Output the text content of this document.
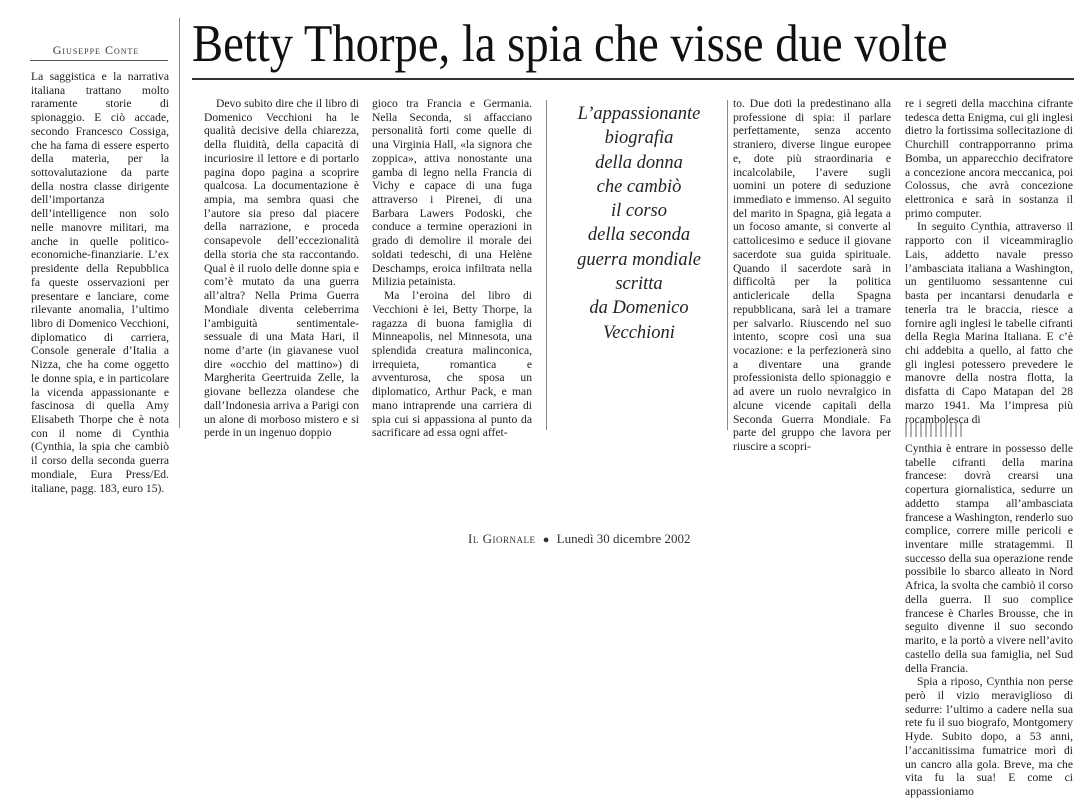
Giuseppe Conte Betty Thorpe, la spia che visse due volte

La saggistica e la narrativa italiana trattano molto raramente storie di spionaggio. E ciò accade, secondo Francesco Cossiga, che ha fama di essere esperto della materia, per la sottovalutazione da parte della nostra classe dirigente dell’importanza dell’intelligence non solo nelle manovre militari, ma anche in quelle politico-economiche-finanziarie. L’ex presidente della Repubblica fa queste osservazioni per presentare e lanciare, come rilevante anomalia, l’ultimo libro di Domenico Vecchioni, diplomatico di carriera, Console generale d’Italia a Nizza, che ha come oggetto le donne spia, e in particolare la vicenda appassionante e fascinosa di quella Amy Elisabeth Thorpe che è nota con il nome di Cynthia (Cynthia, la spia che cambiò il corso della seconda guerra mondiale, Eura Press/Ed. italiane, pagg. 183, euro 15).

Devo subito dire che il libro di Domenico Vecchioni ha le qualità decisive della chiarezza, della fluidità, della capacità di incuriosire il lettore e di portarlo pagina dopo pagina a scoprire qualcosa. La documentazione è ampia, ma sembra quasi che l’autore sia preso dal piacere della narrazione, e proceda consapevole dell’eccezionalità della storia che sta raccontando. Qual è il ruolo delle donne spia e com’è mutato da una guerra all’altra? Nella Prima Guerra Mondiale diventa celeberrima l’ambiguità sentimentale-sessuale di una Mata Hari, il nome d’arte (in giavanese vuol dire «occhio del mattino») di Margherita Geertruida Zelle, la giovane bellezza olandese che dall’Indonesia arriva a Parigi con un alone di morboso mistero e si perde in un ingenuo doppio

gioco tra Francia e Germania. Nella Seconda, si affacciano personalità forti come quelle di una Virginia Hall, «la signora che zoppica», attiva nonostante una gamba di legno nella Francia di Vichy e capace di una fuga attraverso i Pirenei, di una Barbara Lawers Podoski, che conduce a termine operazioni in grado di demolire il morale dei soldati tedeschi, di una Helène Deschamps, eroica infiltrata nella Milizia petainista.

Ma l’eroina del libro di Vecchioni è lei, Betty Thorpe, la ragazza di buona famiglia di Minneapolis, nel Minnesota, una splendida creatura malinconica, irrequieta, romantica e avventurosa, che sposa un diplomatico, Arthur Pack, e man mano intraprende una carriera di spia cui si appassiona al punto da sacrificare ad essa ogni affet-

L’appassionante
biografia
della donna
che cambiò
il corso
della seconda
guerra mondiale
scritta
da Domenico
Vecchioni

to. Due doti la predestinano alla professione di spia: il parlare perfettamente, senza accento straniero, diverse lingue europee e, dote più straordinaria e incalcolabile, l’avere sugli uomini un potere di seduzione immediato e immenso. Al seguito del marito in Spagna, già legata a un focoso amante, si converte al cattolicesimo e seduce il giovane sacerdote sua guida spirituale. Quando il sacerdote sarà in difficoltà per la politica anticlericale della Spagna repubblicana, sarà lei a tramare per salvarlo. Riuscendo nel suo intento, scopre così una sua vocazione: e la perfezionerà sino a diventare una grande professionista dello spionaggio e ad avere un ruolo nevralgico in alcune vicende capitali della Seconda Guerra Mondiale. Fa parte del gruppo che lavora per riuscire a scopri-

re i segreti della macchina cifrante tedesca detta Enigma, cui gli inglesi dietro la fortissima sollecitazione di Churchill contrapporranno prima Bomba, un apparecchio decifratore a concezione ancora meccanica, poi Colossus, che avrà concezione elettronica e sarà in sostanza il primo computer.

In seguito Cynthia, attraverso il rapporto con il viceammiraglio Lais, addetto navale presso l’ambasciata italiana a Washington, un gentiluomo sessantenne cui basta per incantarsi denudarla e tenerla tra le braccia, riesce a fornire agli inglesi le tabelle cifranti della Regia Marina Italiana. E c’è chi addebita a quello, al fatto che gli inglesi potessero prevedere le manovre della nostra flotta, la disfatta di Capo Matapan del 28 marzo 1941. Ma l’impresa più rocambolesca di

Cynthia è entrare in possesso delle tabelle cifranti della marina francese: dovrà crearsi una copertura giornalistica, sedurre un addetto stampa all’ambasciata francese a Washington, renderlo suo complice, correre mille pericoli e inventare mille stratagemmi. Il successo della sua operazione rende possibile lo sbarco alleato in Nord Africa, la svolta che cambiò il corso della guerra. Il suo complice francese è Charles Brousse, che in seguito divenne il suo secondo marito, e la portò a vivere nell’avito castello della sua famiglia, nel Sud della Francia.

Spia a riposo, Cynthia non perse però il vizio meraviglioso di sedurre: l’ultimo a cadere nella sua rete fu il suo biografo, Montgomery Hyde. Subito dopo, a 53 anni, l’accanitissima fumatrice morì di un cancro alla gola. Breve, ma che vita fu la sua! E come ci appassioniamo

Il Giornale ● Lunedì 30 dicembre 2002
